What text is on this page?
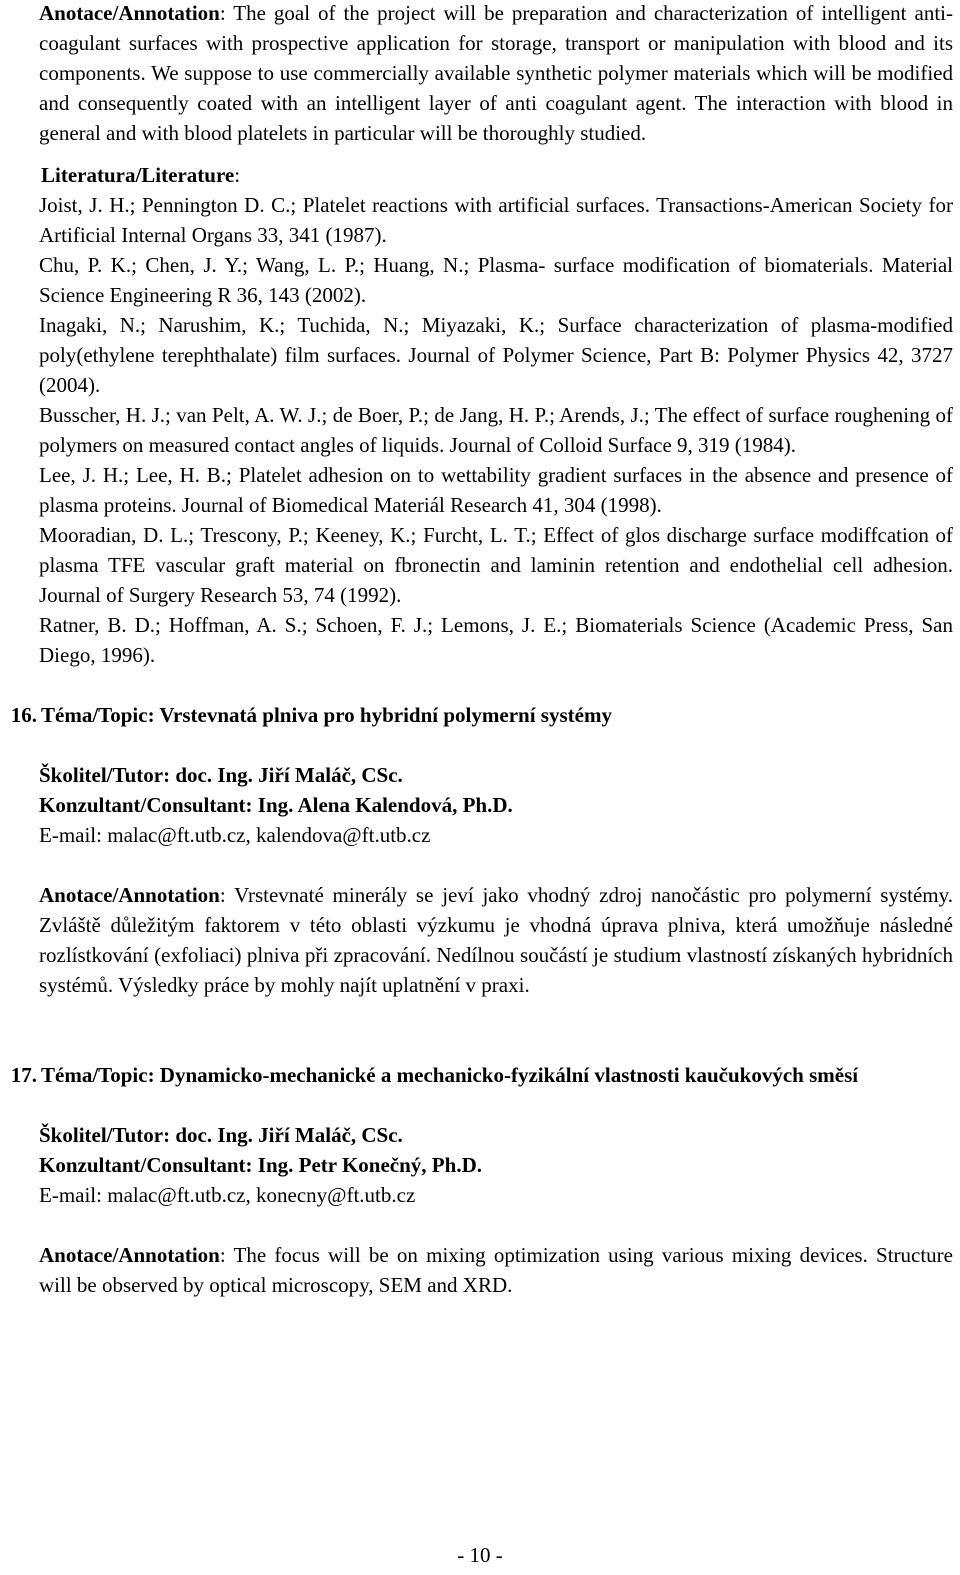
Anotace/Annotation: The goal of the project will be preparation and characterization of intelligent anti-coagulant surfaces with prospective application for storage, transport or manipulation with blood and its components. We suppose to use commercially available synthetic polymer materials which will be modified and consequently coated with an intelligent layer of anti coagulant agent. The interaction with blood in general and with blood platelets in particular will be thoroughly studied.

Literatura/Literature:

Joist, J. H.; Pennington D. C.; Platelet reactions with artificial surfaces. Transactions-American Society for Artificial Internal Organs 33, 341 (1987).

Chu, P. K.; Chen, J. Y.; Wang, L. P.; Huang, N.; Plasma- surface modification of biomaterials. Material Science Engineering R 36, 143 (2002).

Inagaki, N.; Narushim, K.; Tuchida, N.; Miyazaki, K.; Surface characterization of plasma-modified poly(ethylene terephthalate) film surfaces. Journal of Polymer Science, Part B: Polymer Physics 42, 3727 (2004).

Busscher, H. J.; van Pelt, A. W. J.; de Boer, P.; de Jang, H. P.; Arends, J.; The effect of surface roughening of polymers on measured contact angles of liquids. Journal of Colloid Surface 9, 319 (1984).

Lee, J. H.; Lee, H. B.; Platelet adhesion on to wettability gradient surfaces in the absence and presence of plasma proteins. Journal of Biomedical Materiál Research 41, 304 (1998).

Mooradian, D. L.; Trescony, P.; Keeney, K.; Furcht, L. T.; Effect of glos discharge surface modiffcation of plasma TFE vascular graft material on fbronectin and laminin retention and endothelial cell adhesion. Journal of Surgery Research 53, 74 (1992).

Ratner, B. D.; Hoffman, A. S.; Schoen, F. J.; Lemons, J. E.; Biomaterials Science (Academic Press, San Diego, 1996).

16. Téma/Topic: Vrstevnatá plniva pro hybridní polymerní systémy

Školitel/Tutor: doc. Ing. Jiří Maláč, CSc.

Konzultant/Consultant: Ing. Alena Kalendová, Ph.D.

E-mail: malac@ft.utb.cz, kalendova@ft.utb.cz

Anotace/Annotation: Vrstevnaté minerály se jeví jako vhodný zdroj nanočástic pro polymerní systémy. Zvláště důležitým faktorem v této oblasti výzkumu je vhodná úprava plniva, která umožňuje následné rozlístkování (exfoliaci) plniva při zpracování. Nedílnou součástí je studium vlastností získaných hybridních systémů. Výsledky práce by mohly najít uplatnění v praxi.

17. Téma/Topic: Dynamicko-mechanické a mechanicko-fyzikální vlastnosti kaučukových směsí

Školitel/Tutor: doc. Ing. Jiří Maláč, CSc.

Konzultant/Consultant: Ing. Petr Konečný, Ph.D.

E-mail: malac@ft.utb.cz, konecny@ft.utb.cz

Anotace/Annotation: The focus will be on mixing optimization using various mixing devices. Structure will be observed by optical microscopy, SEM and XRD.

- 10 -
